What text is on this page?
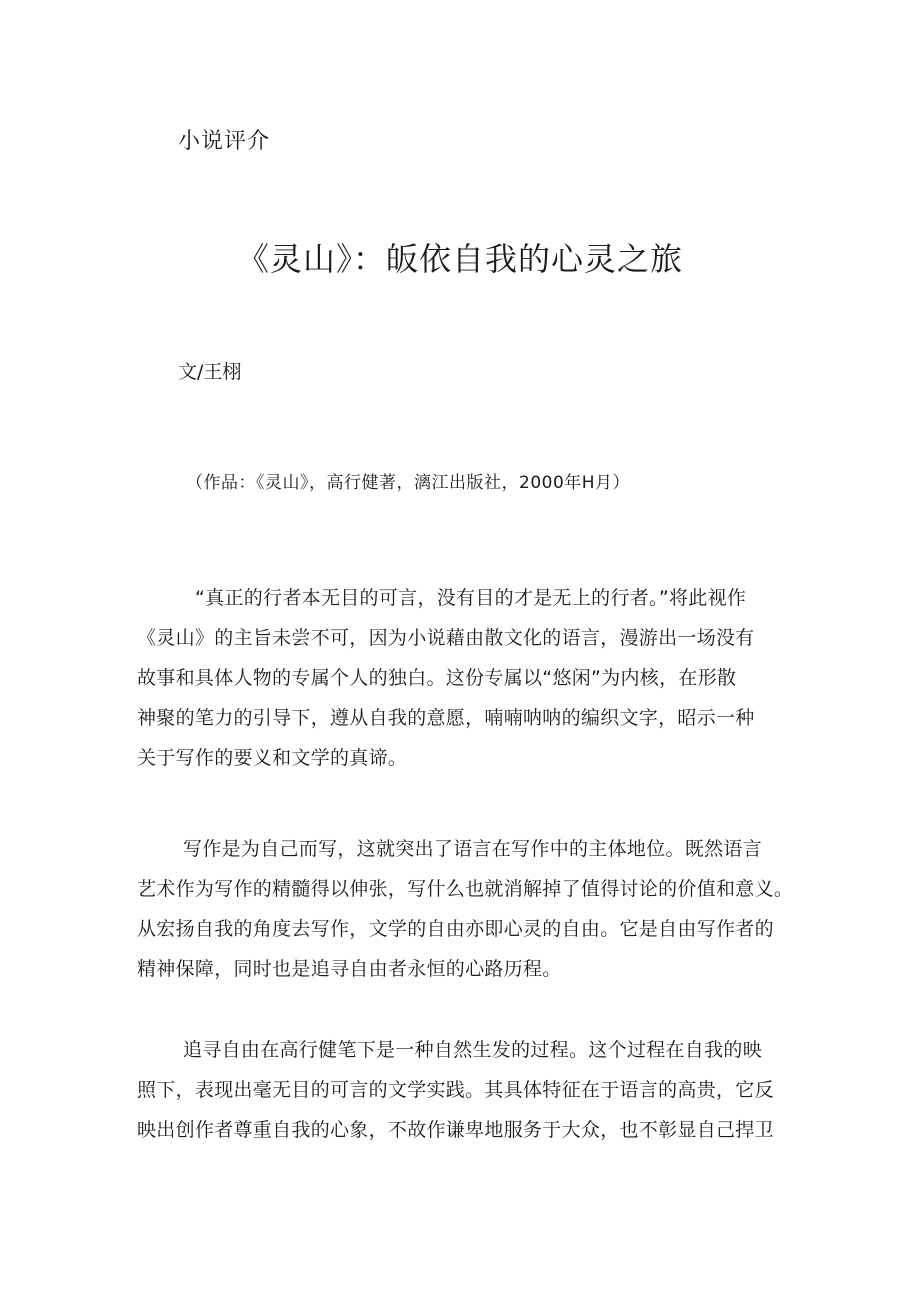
小说评介
《灵山》：皈依自我的心灵之旅
文/王栩
（作品：《灵山》，高行健著，漓江出版社，2000年H月）
“真正的行者本无目的可言，没有目的才是无上的行者。”将此视作
《灵山》的主旨未尝不可，因为小说藉由散文化的语言，漫游出一场没有
故事和具体人物的专属个人的独白。这份专属以“悠闲”为内核，在形散
神聚的笔力的引导下，遵从自我的意愿，喃喃呐呐的编织文字，昭示一种
关于写作的要义和文学的真谛。
写作是为自己而写，这就突出了语言在写作中的主体地位。既然语言
艺术作为写作的精髓得以伸张，写什么也就消解掉了值得讨论的价值和意义。
从宏扬自我的角度去写作，文学的自由亦即心灵的自由。它是自由写作者的
精神保障，同时也是追寻自由者永恒的心路历程。
追寻自由在高行健笔下是一种自然生发的过程。这个过程在自我的映
照下，表现出毫无目的可言的文学实践。其具体特征在于语言的高贵，它反
映出创作者尊重自我的心象，不故作谦卑地服务于大众，也不彰显自己捍卫
